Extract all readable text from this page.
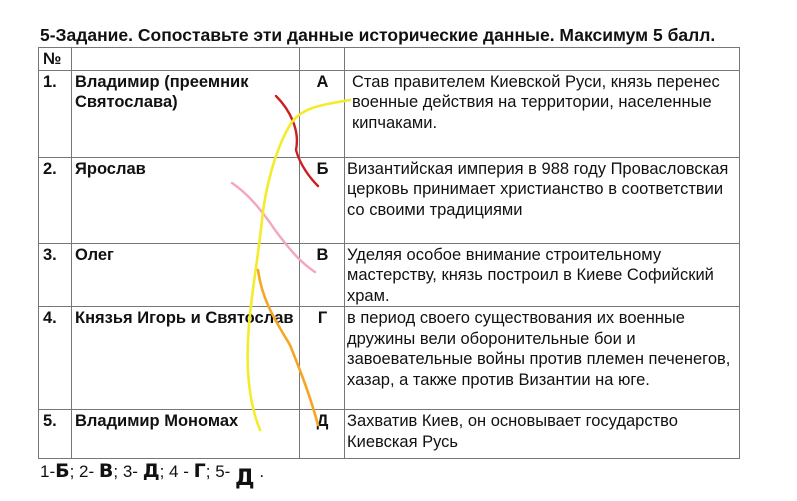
5-Задание. Сопоставьте эти данные исторические данные. Максимум 5 балл.
№			
1.	Владимир (преемник Святослава)	А	Став правителем Киевской Руси, князь перенес военные действия на территории, населенные кипчаками.
2.	Ярослав	Б	Византийская империя в 988 году Провасловская церковь принимает христианство в соответствии со своими традициями
3.	Олег	В	Уделяя особое внимание строительному мастерству, князь построил в Киеве Софийский храм.
4.	Князья Игорь и Святослав	Г	в период своего существования их военные дружины вели оборонительные бои и завоевательные войны против племен печенегов, хазар, а также против Византии на юге.
5.	Владимир Мономах	Д	Захватив Киев, он основывает государство Киевская Русь
1-Б; 2- В; 3- Д; 4 - Г; 5- Д .
